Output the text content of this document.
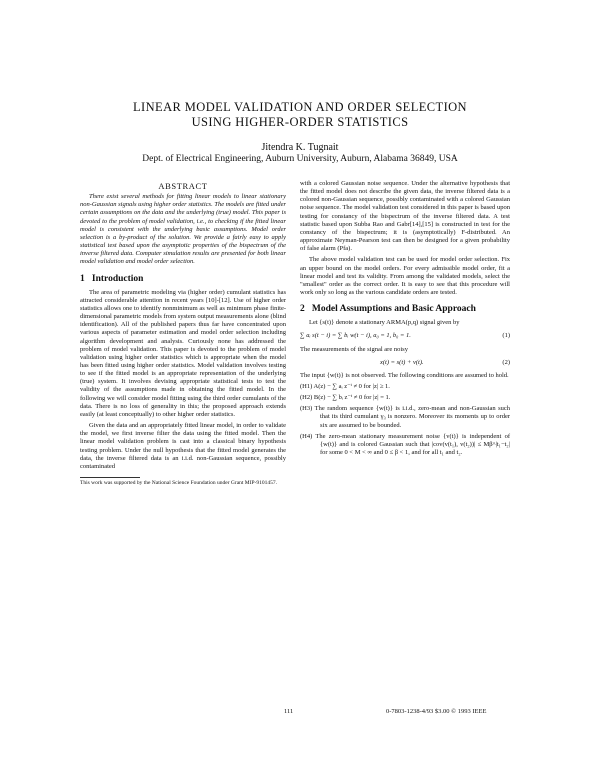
LINEAR MODEL VALIDATION AND ORDER SELECTION
USING HIGHER-ORDER STATISTICS
Jitendra K. Tugnait
Dept. of Electrical Engineering, Auburn University, Auburn, Alabama 36849, USA
ABSTRACT

There exist several methods for fitting linear models to linear stationary non-Gaussian signals using higher order statistics. The models are fitted under certain assumptions on the data and the underlying (true) model. This paper is devoted to the problem of model validation, i.e., to checking if the fitted linear model is consistent with the underlying basic assumptions. Model order selection is a by-product of the solution. We provide a fairly easy to apply statistical test based upon the asymptotic properties of the bispectrum of the inverse filtered data. Computer simulation results are presented for both linear model validation and model order selection.

1 Introduction

The area of parametric modeling via (higher order) cumulant statistics has attracted considerable attention in recent years [10]-[12]. Use of higher order statistics allows one to identify nonminimum as well as minimum phase finite-dimensional parametric models from system output measurements alone (blind identification). All of the published papers thus far have concentrated upon various aspects of parameter estimation and model order selection including algorithm development and analysis. Curiously none has addressed the problem of model validation. This paper is devoted to the problem of model validation using higher order statistics which is appropriate when the model has been fitted using higher order statistics. Model validation involves testing to see if the fitted model is an appropriate representation of the underlying (true) system. It involves devising appropriate statistical tests to test the validity of the assumptions made in obtaining the fitted model. In the following we will consider model fitting using the third order cumulants of the data. There is no loss of generality in this; the proposed approach extends easily (at least conceptually) to other higher order statistics.

Given the data and an appropriately fitted linear model, in order to validate the model, we first inverse filter the data using the fitted model. Then the linear model validation problem is cast into a classical binary hypothesis testing problem. Under the null hypothesis that the fitted model generates the data, the inverse filtered data is an i.i.d. non-Gaussian sequence, possibly contaminated

This work was supported by the National Science Foundation under Grant MIP-9101457.

with a colored Gaussian noise sequence. Under the alternative hypothesis that the fitted model does not describe the given data, the inverse filtered data is a colored non-Gaussian sequence, possibly contaminated with a colored Gaussian noise sequence. The model validation test considered in this paper is based upon testing for constancy of the bispectrum of the inverse filtered data. A test statistic based upon Subba Rao and Gabr[14],[15] is constructed in test for the constancy of the bispectrum; it is (asymptotically) F-distributed. An approximate Neyman-Pearson test can then be designed for a given probability of false alarm (Pfa).

The above model validation test can be used for model order selection. Fix an upper bound on the model orders. For every admissible model order, fit a linear model and test its validity. From among the validated models, select the "smallest" order as the correct order. It is easy to see that this procedure will work only so long as the various candidate orders are tested.

2 Model Assumptions and Basic Approach

Let {s(t)} denote a stationary ARMA(p,q) signal given by

∑ aᵢ s(t − i) = ∑ bᵢ w(t − i), a₀ = 1, b₀ = 1.	(1)

The measurements of the signal are noisy

x(t) = s(t) + v(t).	(2)

The input {w(t)} is not observed. The following conditions are assumed to hold.

(H1) A(z) − ∑ aᵢ z⁻ⁱ ≠ 0 for |z| ≥ 1.
(H2) B(z) − ∑ bᵢ z⁻ⁱ ≠ 0 for |z| = 1.
(H3) The random sequence {w(t)} is i.i.d., zero-mean and non-Gaussian such that its third cumulant γ₃ is nonzero. Moreover its moments up to order six are assumed to be bounded.
(H4) The zero-mean stationary measurement noise {v(t)} is independent of {w(t)} and is colored Gaussian such that |cov(v(t₁), v(t₂))| ≤ Mβ^|t₁−t₂| for some 0 < M < ∞ and 0 ≤ β < 1, and for all t₁ and t₂.
111	0-7803-1238-4/93 $3.00 © 1993 IEEE
